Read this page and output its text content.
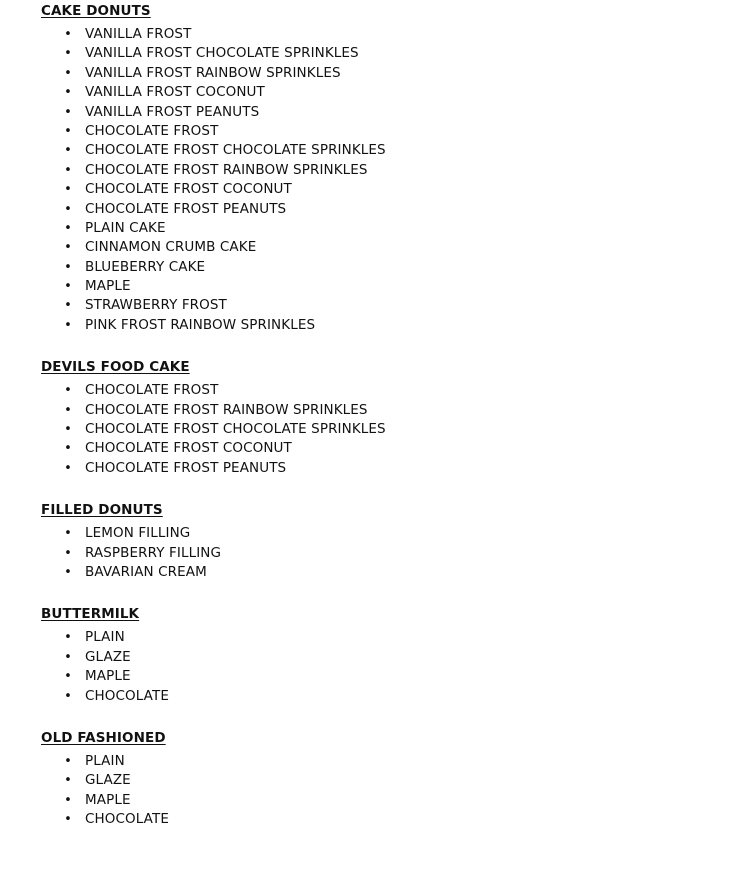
CAKE DONUTS
• VANILLA FROST
• VANILLA FROST CHOCOLATE SPRINKLES
• VANILLA FROST RAINBOW SPRINKLES
• VANILLA FROST COCONUT
• VANILLA FROST PEANUTS
• CHOCOLATE FROST
• CHOCOLATE FROST CHOCOLATE SPRINKLES
• CHOCOLATE FROST RAINBOW SPRINKLES
• CHOCOLATE FROST COCONUT
• CHOCOLATE FROST PEANUTS
• PLAIN CAKE
• CINNAMON CRUMB CAKE
• BLUEBERRY CAKE
• MAPLE
• STRAWBERRY FROST
• PINK FROST RAINBOW SPRINKLES
DEVILS FOOD CAKE
• CHOCOLATE FROST
• CHOCOLATE FROST RAINBOW SPRINKLES
• CHOCOLATE FROST CHOCOLATE SPRINKLES
• CHOCOLATE FROST COCONUT
• CHOCOLATE FROST PEANUTS
FILLED DONUTS
• LEMON FILLING
• RASPBERRY FILLING
• BAVARIAN CREAM
BUTTERMILK
• PLAIN
• GLAZE
• MAPLE
• CHOCOLATE
OLD FASHIONED
• PLAIN
• GLAZE
• MAPLE
• CHOCOLATE
